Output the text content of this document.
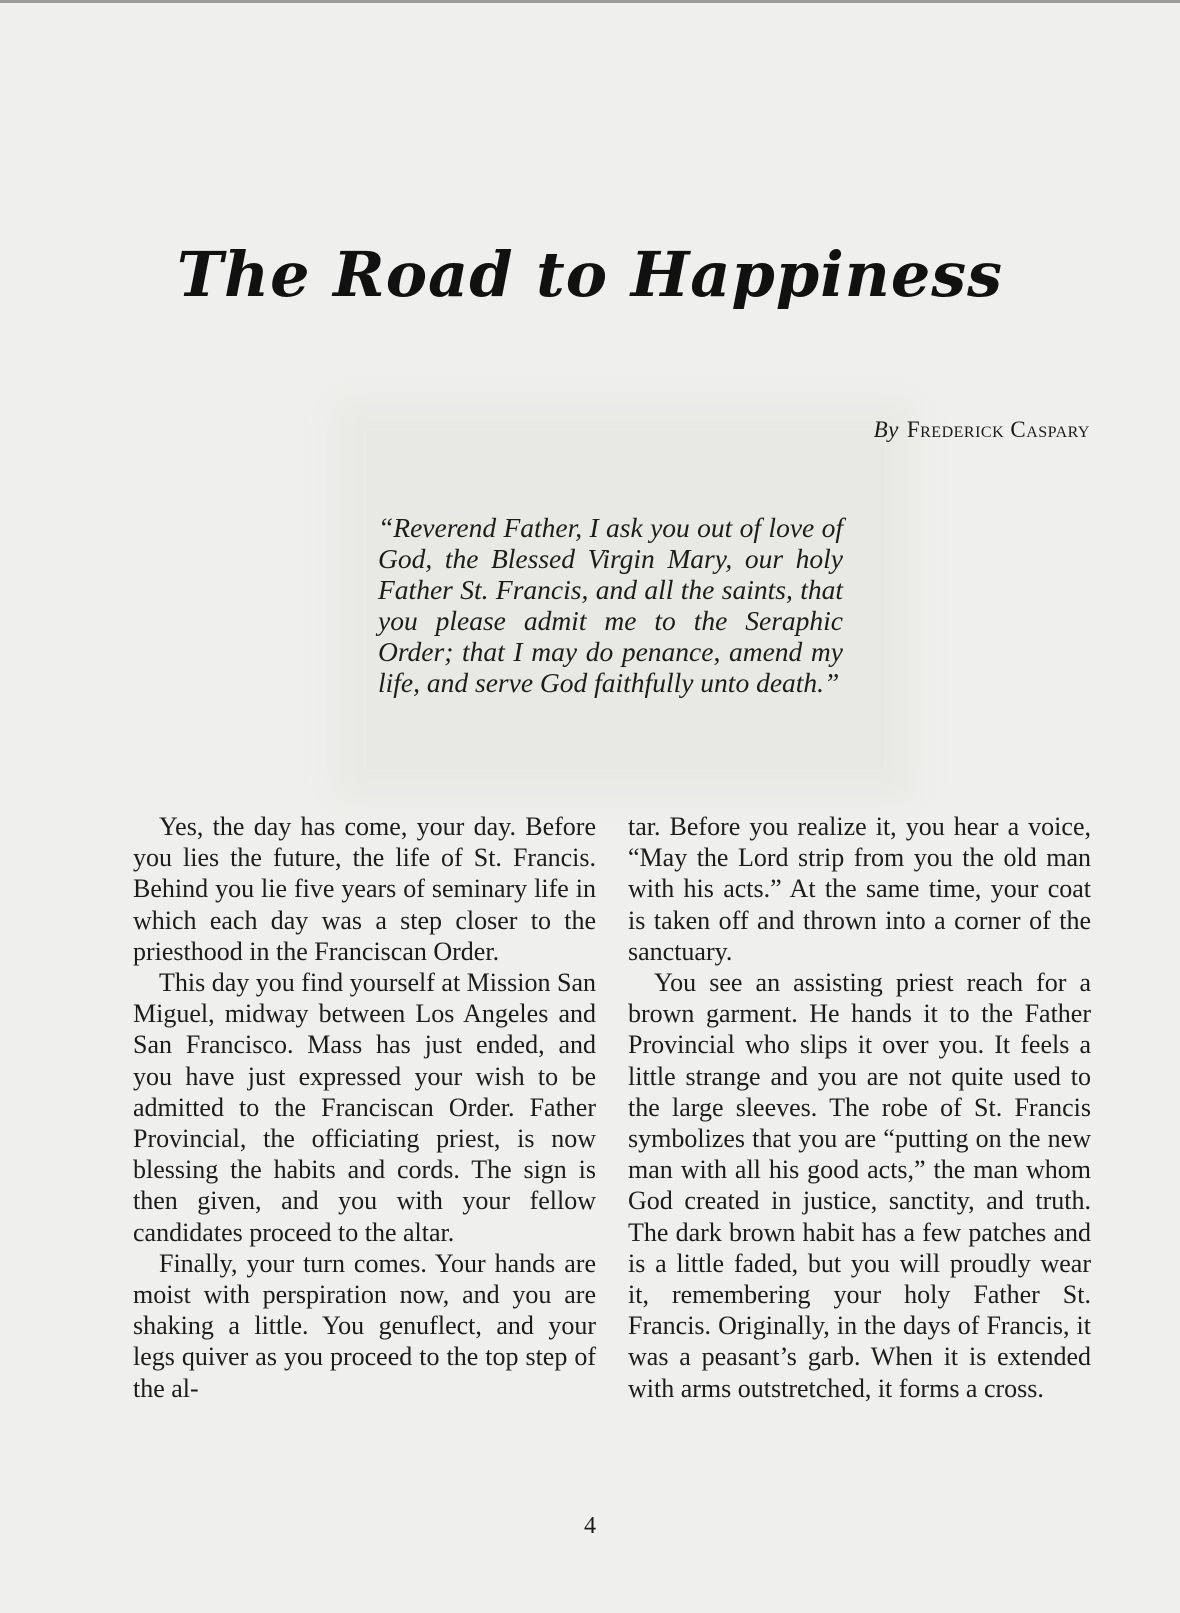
The Road to Happiness
By Frederick Caspary

“Reverend Father, I ask you out of love of God, the Blessed Virgin Mary, our holy Father St. Francis, and all the saints, that you please admit me to the Seraphic Order; that I may do penance, amend my life, and serve God faithfully unto death.”

Yes, the day has come, your day. Before you lies the future, the life of St. Francis. Behind you lie five years of seminary life in which each day was a step closer to the priesthood in the Franciscan Order.

This day you find yourself at Mission San Miguel, midway between Los Angeles and San Francisco. Mass has just ended, and you have just expressed your wish to be admitted to the Franciscan Order. Father Provincial, the officiating priest, is now blessing the habits and cords. The sign is then given, and you with your fellow candidates proceed to the altar.

Finally, your turn comes. Your hands are moist with perspiration now, and you are shaking a little. You genuflect, and your legs quiver as you proceed to the top step of the al-

tar. Before you realize it, you hear a voice, “May the Lord strip from you the old man with his acts.” At the same time, your coat is taken off and thrown into a corner of the sanctuary.

You see an assisting priest reach for a brown garment. He hands it to the Father Provincial who slips it over you. It feels a little strange and you are not quite used to the large sleeves. The robe of St. Francis symbolizes that you are “putting on the new man with all his good acts,” the man whom God created in justice, sanctity, and truth. The dark brown habit has a few patches and is a little faded, but you will proudly wear it, remembering your holy Father St. Francis. Originally, in the days of Francis, it was a peasant’s garb. When it is extended with arms outstretched, it forms a cross.

4
